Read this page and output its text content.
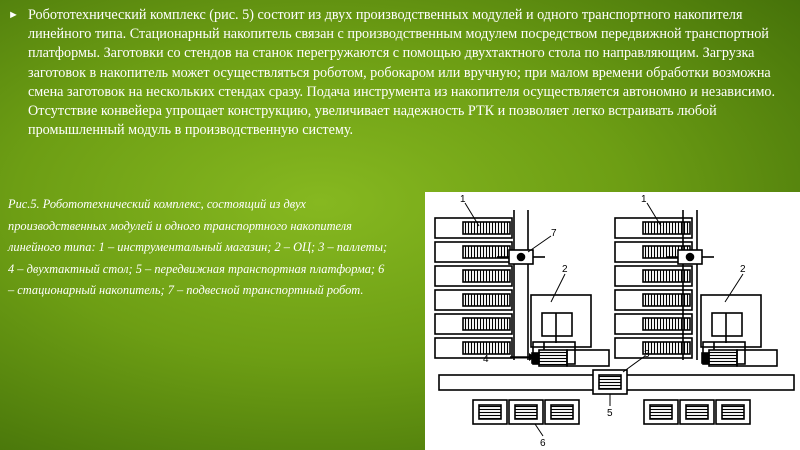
► Робототехнический комплекс (рис. 5) состоит из двух производственных модулей и одного транспортного накопителя линейного типа. Стационарный накопитель связан с производственным модулем посредством передвижной транспортной платформы. Заготовки со стендов на станок перегружаются с помощью двухтактного стола по направляющим. Загрузка заготовок в накопитель может осуществляться роботом, робокаром или вручную; при малом времени обработки возможна смена заготовок на нескольких стендах сразу. Подача инструмента из накопителя осуществляется автономно и независимо. Отсутствие конвейера упрощает конструкцию, увеличивает надежность РТК и позволяет легко встраивать любой промышленный модуль в производственную систему.

Рис.5. Робототехнический комплекс, состоящий из двух производственных модулей и одного транспортного накопителя линейного типа: 1 – инструментальный магазин; 2 – ОЦ; 3 – паллеты; 4 – двухтактный стол; 5 – передвижная транспортная платформа; 6 – стационарный накопитель; 7 – подвесной транспортный робот.

1	1
7
2	2
4	3
5
6
